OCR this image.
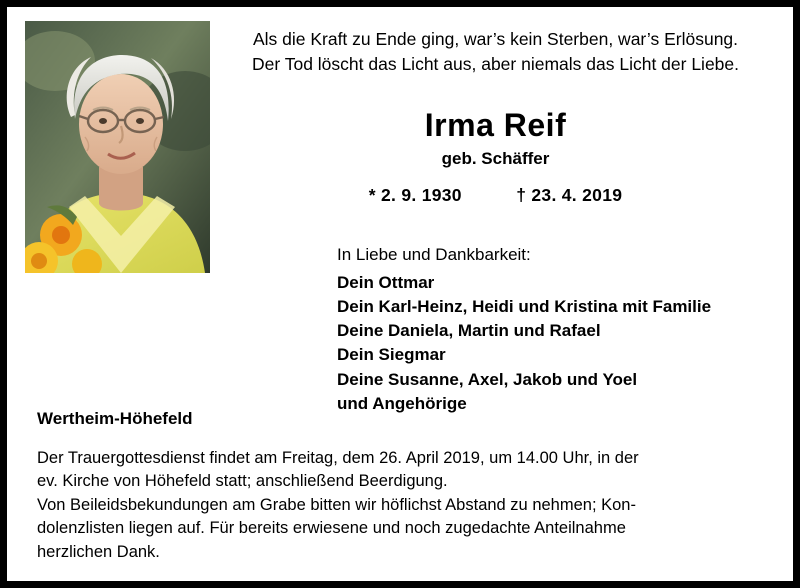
Als die Kraft zu Ende ging, war’s kein Sterben, war’s Erlösung.
Der Tod löscht das Licht aus, aber niemals das Licht der Liebe.
Irma Reif
geb. Schäffer
* 2. 9. 1930	† 23. 4. 2019
In Liebe und Dankbarkeit:
Dein Ottmar
Dein Karl-Heinz, Heidi und Kristina mit Familie
Deine Daniela, Martin und Rafael
Dein Siegmar
Deine Susanne, Axel, Jakob und Yoel
und Angehörige
Wertheim-Höhefeld
Der Trauergottesdienst findet am Freitag, dem 26. April 2019, um 14.00 Uhr, in der
ev. Kirche von Höhefeld statt; anschließend Beerdigung.
Von Beileidsbekundungen am Grabe bitten wir höflichst Abstand zu nehmen; Kon-
dolenzlisten liegen auf. Für bereits erwiesene und noch zugedachte Anteilnahme
herzlichen Dank.
